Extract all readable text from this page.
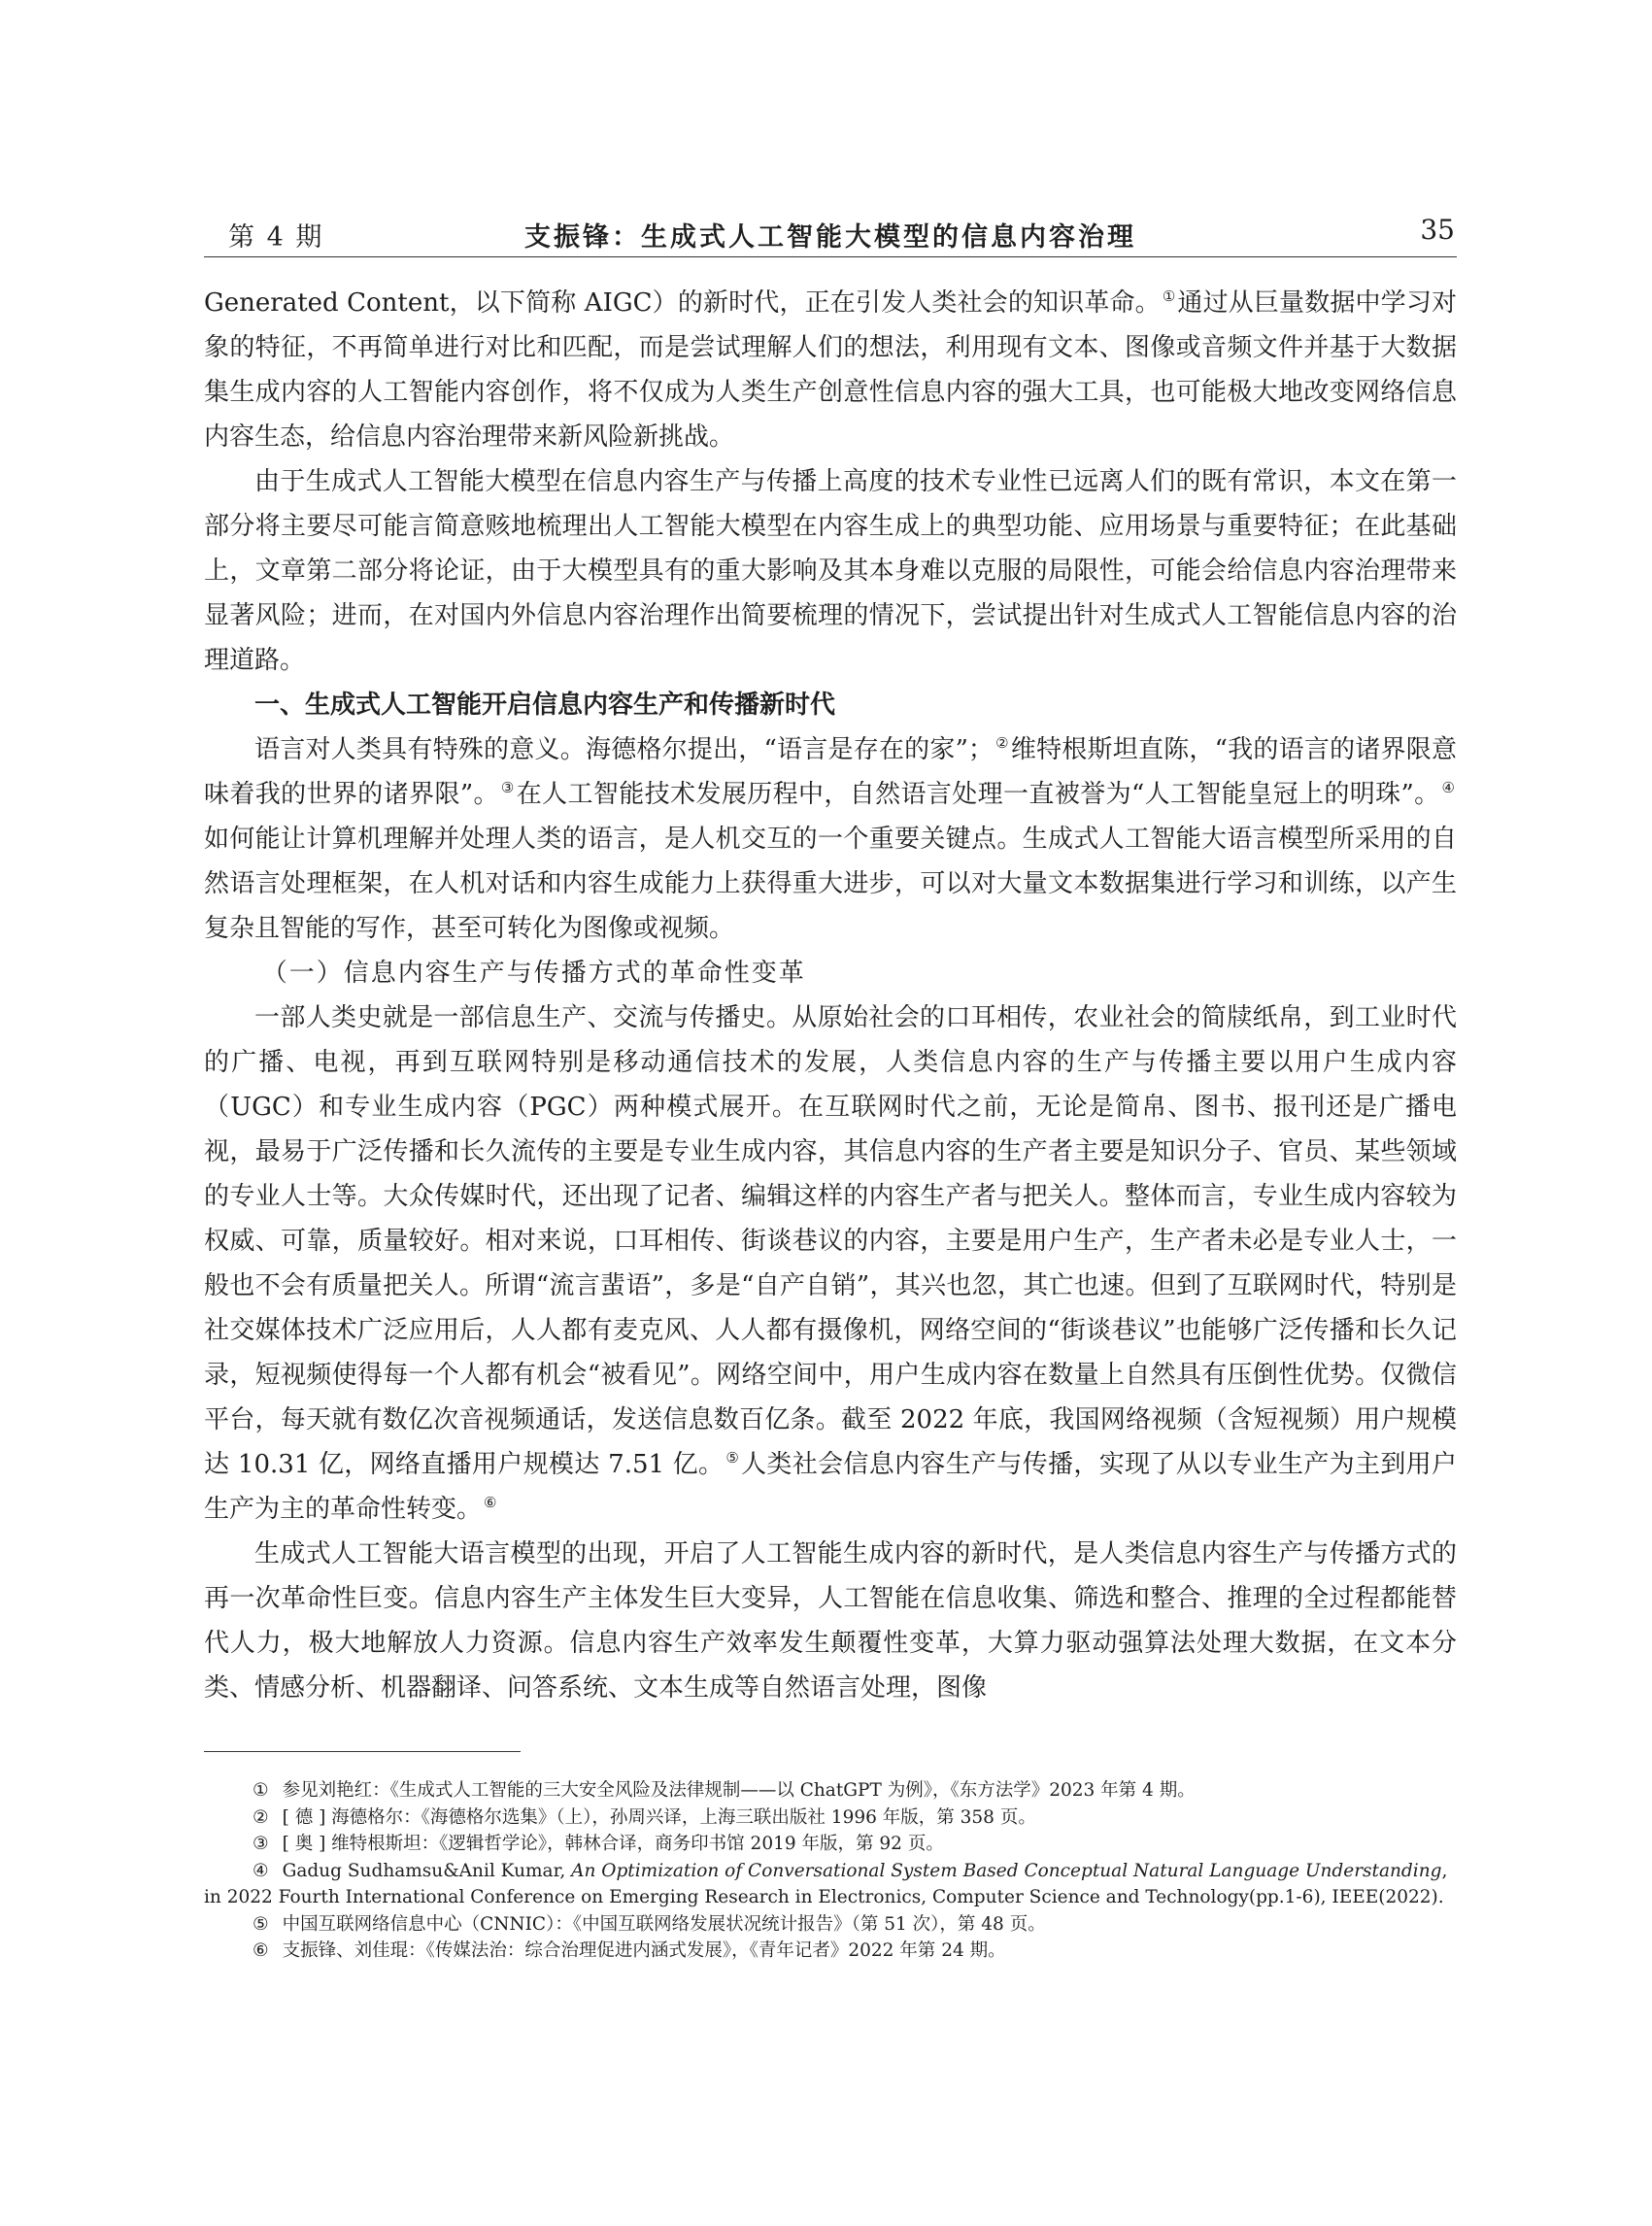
第 4 期	支振锋：生成式人工智能大模型的信息内容治理	35

Generated Content，以下简称 AIGC）的新时代，正在引发人类社会的知识革命。 ①通过从巨量数据中学习对象的特征，不再简单进行对比和匹配，而是尝试理解人们的想法，利用现有文本、图像或音频文件并基于大数据集生成内容的人工智能内容创作，将不仅成为人类生产创意性信息内容的强大工具，也可能极大地改变网络信息内容生态，给信息内容治理带来新风险新挑战。

由于生成式人工智能大模型在信息内容生产与传播上高度的技术专业性已远离人们的既有常识，本文在第一部分将主要尽可能言简意赅地梳理出人工智能大模型在内容生成上的典型功能、应用场景与重要特征；在此基础上，文章第二部分将论证，由于大模型具有的重大影响及其本身难以克服的局限性，可能会给信息内容治理带来显著风险；进而，在对国内外信息内容治理作出简要梳理的情况下，尝试提出针对生成式人工智能信息内容的治理道路。

一、生成式人工智能开启信息内容生产和传播新时代

语言对人类具有特殊的意义。海德格尔提出，“语言是存在的家”； ②维特根斯坦直陈，“我的语言的诸界限意味着我的世界的诸界限”。 ③在人工智能技术发展历程中，自然语言处理一直被誉为“人工智能皇冠上的明珠”。 ④如何能让计算机理解并处理人类的语言，是人机交互的一个重要关键点。生成式人工智能大语言模型所采用的自然语言处理框架，在人机对话和内容生成能力上获得重大进步，可以对大量文本数据集进行学习和训练，以产生复杂且智能的写作，甚至可转化为图像或视频。

（一）信息内容生产与传播方式的革命性变革

一部人类史就是一部信息生产、交流与传播史。从原始社会的口耳相传，农业社会的简牍纸帛，到工业时代的广播、电视，再到互联网特别是移动通信技术的发展，人类信息内容的生产与传播主要以用户生成内容（UGC）和专业生成内容（PGC）两种模式展开。在互联网时代之前，无论是简帛、图书、报刊还是广播电视，最易于广泛传播和长久流传的主要是专业生成内容，其信息内容的生产者主要是知识分子、官员、某些领域的专业人士等。大众传媒时代，还出现了记者、编辑这样的内容生产者与把关人。整体而言，专业生成内容较为权威、可靠，质量较好。相对来说，口耳相传、街谈巷议的内容，主要是用户生产，生产者未必是专业人士，一般也不会有质量把关人。所谓“流言蜚语”，多是“自产自销”，其兴也忽，其亡也速。但到了互联网时代，特别是社交媒体技术广泛应用后，人人都有麦克风、人人都有摄像机，网络空间的“街谈巷议”也能够广泛传播和长久记录，短视频使得每一个人都有机会“被看见”。网络空间中，用户生成内容在数量上自然具有压倒性优势。仅微信平台，每天就有数亿次音视频通话，发送信息数百亿条。截至 2022 年底，我国网络视频（含短视频）用户规模达 10.31 亿，网络直播用户规模达 7.51 亿。 ⑤人类社会信息内容生产与传播，实现了从以专业生产为主到用户生产为主的革命性转变。 ⑥

生成式人工智能大语言模型的出现，开启了人工智能生成内容的新时代，是人类信息内容生产与传播方式的再一次革命性巨变。信息内容生产主体发生巨大变异，人工智能在信息收集、筛选和整合、推理的全过程都能替代人力，极大地解放人力资源。信息内容生产效率发生颠覆性变革，大算力驱动强算法处理大数据，在文本分类、情感分析、机器翻译、问答系统、文本生成等自然语言处理，图像

① 参见刘艳红：《生成式人工智能的三大安全风险及法律规制——以 ChatGPT 为例》，《东方法学》2023 年第 4 期。

② [ 德 ] 海德格尔：《海德格尔选集》（上），孙周兴译，上海三联出版社 1996 年版，第 358 页。

③ [ 奥 ] 维特根斯坦：《逻辑哲学论》，韩林合译，商务印书馆 2019 年版，第 92 页。

④ Gadug Sudhamsu&Anil Kumar, An Optimization of Conversational System Based Conceptual Natural Language Understanding, in 2022 Fourth International Conference on Emerging Research in Electronics, Computer Science and Technology(pp.1-6), IEEE(2022).

⑤ 中国互联网络信息中心（CNNIC）：《中国互联网络发展状况统计报告》（第 51 次），第 48 页。

⑥ 支振锋、刘佳琨：《传媒法治：综合治理促进内涵式发展》，《青年记者》2022 年第 24 期。
